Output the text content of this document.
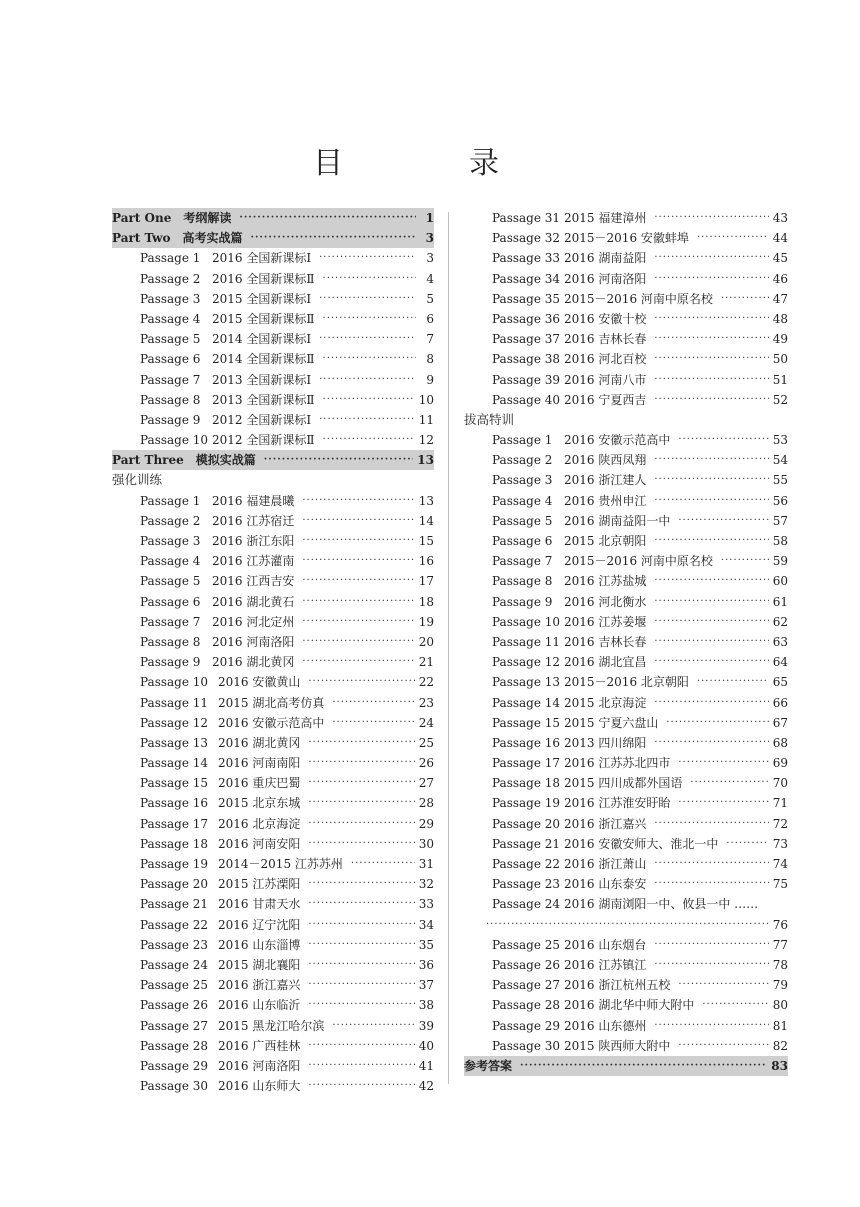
目　录
Part One　考纲解读 ·····	1
Part Two　高考实战篇 ·····	3
Passage 1 2016 全国新课标Ⅰ ·····	3
Passage 2 2016 全国新课标Ⅱ ·····	4
Passage 3 2015 全国新课标Ⅰ ·····	5
Passage 4 2015 全国新课标Ⅱ ·····	6
Passage 5 2014 全国新课标Ⅰ ·····	7
Passage 6 2014 全国新课标Ⅱ ·····	8
Passage 7 2013 全国新课标Ⅰ ·····	9
Passage 8 2013 全国新课标Ⅱ ·····	10
Passage 9 2012 全国新课标Ⅰ ·····	11
Passage 10 2012 全国新课标Ⅱ ·····	12
Part Three　模拟实战篇 ·····	13
强化训练
Passage 1 2016 福建晨曦 ·····	13
Passage 2 2016 江苏宿迁 ·····	14
Passage 3 2016 浙江东阳 ·····	15
Passage 4 2016 江苏灌南 ·····	16
Passage 5 2016 江西吉安 ·····	17
Passage 6 2016 湖北黄石 ·····	18
Passage 7 2016 河北定州 ·····	19
Passage 8 2016 河南洛阳 ·····	20
Passage 9 2016 湖北黄冈 ·····	21
Passage 10 2016 安徽黄山 ·····	22
Passage 11 2015 湖北高考仿真 ·····	23
Passage 12 2016 安徽示范高中 ·····	24
Passage 13 2016 湖北黄冈 ·····	25
Passage 14 2016 河南南阳 ·····	26
Passage 15 2016 重庆巴蜀 ·····	27
Passage 16 2015 北京东城 ·····	28
Passage 17 2016 北京海淀 ·····	29
Passage 18 2016 河南安阳 ·····	30
Passage 19 2014－2015 江苏苏州 ·····	31
Passage 20 2015 江苏溧阳 ·····	32
Passage 21 2016 甘肃天水 ·····	33
Passage 22 2016 辽宁沈阳 ·····	34
Passage 23 2016 山东淄博 ·····	35
Passage 24 2015 湖北襄阳 ·····	36
Passage 25 2016 浙江嘉兴 ·····	37
Passage 26 2016 山东临沂 ·····	38
Passage 27 2015 黑龙江哈尔滨 ·····	39
Passage 28 2016 广西桂林 ·····	40
Passage 29 2016 河南洛阳 ·····	41
Passage 30 2016 山东师大 ·····	42
Passage 31 2015 福建漳州 ·····	43
Passage 32 2015－2016 安徽蚌埠 ·····	44
Passage 33 2016 湖南益阳 ·····	45
Passage 34 2016 河南洛阳 ·····	46
Passage 35 2015－2016 河南中原名校 ·····	47
Passage 36 2016 安徽十校 ·····	48
Passage 37 2016 吉林长春 ·····	49
Passage 38 2016 河北百校 ·····	50
Passage 39 2016 河南八市 ·····	51
Passage 40 2016 宁夏西吉 ·····	52
拔高特训
Passage 1 2016 安徽示范高中 ·····	53
Passage 2 2016 陕西凤翔 ·····	54
Passage 3 2016 浙江建人 ·····	55
Passage 4 2016 贵州申江 ·····	56
Passage 5 2016 湖南益阳一中 ·····	57
Passage 6 2015 北京朝阳 ·····	58
Passage 7 2015－2016 河南中原名校 ·····	59
Passage 8 2016 江苏盐城 ·····	60
Passage 9 2016 河北衡水 ·····	61
Passage 10 2016 江苏姜堰 ·····	62
Passage 11 2016 吉林长春 ·····	63
Passage 12 2016 湖北宜昌 ·····	64
Passage 13 2015－2016 北京朝阳 ·····	65
Passage 14 2015 北京海淀 ·····	66
Passage 15 2015 宁夏六盘山 ·····	67
Passage 16 2013 四川绵阳 ·····	68
Passage 17 2016 江苏苏北四市 ·····	69
Passage 18 2015 四川成都外国语 ·····	70
Passage 19 2016 江苏淮安盱眙 ·····	71
Passage 20 2016 浙江嘉兴 ·····	72
Passage 21 2016 安徽安师大、淮北一中 ·····	73
Passage 22 2016 浙江萧山 ·····	74
Passage 23 2016 山东泰安 ·····	75
Passage 24 2016 湖南浏阳一中、攸县一中 ……
·····
76
Passage 25 2016 山东烟台 ·····	77
Passage 26 2016 江苏镇江 ·····	78
Passage 27 2016 浙江杭州五校 ·····	79
Passage 28 2016 湖北华中师大附中 ·····	80
Passage 29 2016 山东德州 ·····	81
Passage 30 2015 陕西师大附中 ·····	82
参考答案 ·····	83
